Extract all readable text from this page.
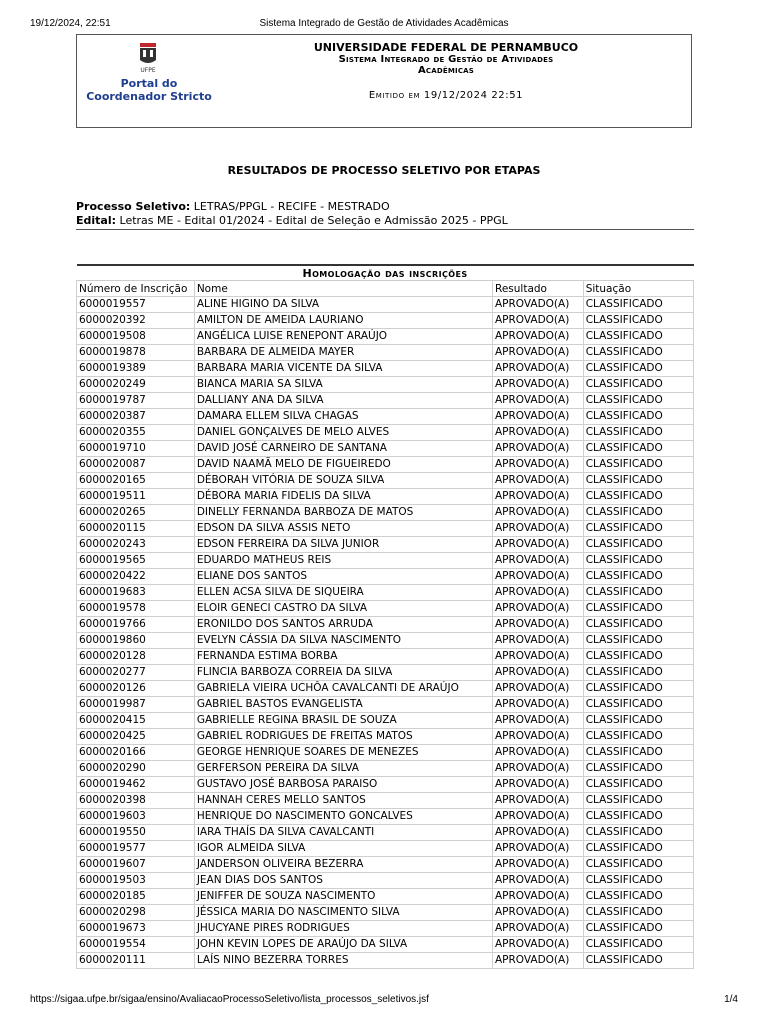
19/12/2024, 22:51	Sistema Integrado de Gestão de Atividades Acadêmicas
UFPE
Portal do
Coordenador Stricto
UNIVERSIDADE FEDERAL DE PERNAMBUCO
Sistema Integrado de Gestão de Atividades
Acadêmicas
Emitido em 19/12/2024 22:51
RESULTADOS DE PROCESSO SELETIVO POR ETAPAS
Processo Seletivo: LETRAS/PPGL - RECIFE - MESTRADO
Edital: Letras ME - Edital 01/2024 - Edital de Seleção e Admissão 2025 - PPGL
Homologação das inscrições			
Número de Inscrição	Nome	Resultado	Situação
6000019557	ALINE HIGINO DA SILVA	APROVADO(A)	CLASSIFICADO
6000020392	AMILTON DE AMEIDA LAURIANO	APROVADO(A)	CLASSIFICADO
6000019508	ANGÉLICA LUISE RENEPONT ARAÚJO	APROVADO(A)	CLASSIFICADO
6000019878	BARBARA DE ALMEIDA MAYER	APROVADO(A)	CLASSIFICADO
6000019389	BARBARA MARIA VICENTE DA SILVA	APROVADO(A)	CLASSIFICADO
6000020249	BIANCA MARIA SA SILVA	APROVADO(A)	CLASSIFICADO
6000019787	DALLIANY ANA DA SILVA	APROVADO(A)	CLASSIFICADO
6000020387	DAMARA ELLEM SILVA CHAGAS	APROVADO(A)	CLASSIFICADO
6000020355	DANIEL GONÇALVES DE MELO ALVES	APROVADO(A)	CLASSIFICADO
6000019710	DAVID JOSÉ CARNEIRO DE SANTANA	APROVADO(A)	CLASSIFICADO
6000020087	DAVID NAAMÃ MELO DE FIGUEIREDO	APROVADO(A)	CLASSIFICADO
6000020165	DÉBORAH VITÓRIA DE SOUZA SILVA	APROVADO(A)	CLASSIFICADO
6000019511	DÉBORA MARIA FIDELIS DA SILVA	APROVADO(A)	CLASSIFICADO
6000020265	DINELLY FERNANDA BARBOZA DE MATOS	APROVADO(A)	CLASSIFICADO
6000020115	EDSON DA SILVA ASSIS NETO	APROVADO(A)	CLASSIFICADO
6000020243	EDSON FERREIRA DA SILVA JUNIOR	APROVADO(A)	CLASSIFICADO
6000019565	EDUARDO MATHEUS REIS	APROVADO(A)	CLASSIFICADO
6000020422	ELIANE DOS SANTOS	APROVADO(A)	CLASSIFICADO
6000019683	ELLEN ACSA SILVA DE SIQUEIRA	APROVADO(A)	CLASSIFICADO
6000019578	ELOIR GENECI CASTRO DA SILVA	APROVADO(A)	CLASSIFICADO
6000019766	ERONILDO DOS SANTOS ARRUDA	APROVADO(A)	CLASSIFICADO
6000019860	EVELYN CÁSSIA DA SILVA NASCIMENTO	APROVADO(A)	CLASSIFICADO
6000020128	FERNANDA ESTIMA BORBA	APROVADO(A)	CLASSIFICADO
6000020277	FLINCIA BARBOZA CORREIA DA SILVA	APROVADO(A)	CLASSIFICADO
6000020126	GABRIELA VIEIRA UCHÔA CAVALCANTI DE ARAÚJO	APROVADO(A)	CLASSIFICADO
6000019987	GABRIEL BASTOS EVANGELISTA	APROVADO(A)	CLASSIFICADO
6000020415	GABRIELLE REGINA BRASIL DE SOUZA	APROVADO(A)	CLASSIFICADO
6000020425	GABRIEL RODRIGUES DE FREITAS MATOS	APROVADO(A)	CLASSIFICADO
6000020166	GEORGE HENRIQUE SOARES DE MENEZES	APROVADO(A)	CLASSIFICADO
6000020290	GERFERSON PEREIRA DA SILVA	APROVADO(A)	CLASSIFICADO
6000019462	GUSTAVO JOSÉ BARBOSA PARAISO	APROVADO(A)	CLASSIFICADO
6000020398	HANNAH CERES MELLO SANTOS	APROVADO(A)	CLASSIFICADO
6000019603	HENRIQUE DO NASCIMENTO GONCALVES	APROVADO(A)	CLASSIFICADO
6000019550	IARA THAÍS DA SILVA CAVALCANTI	APROVADO(A)	CLASSIFICADO
6000019577	IGOR ALMEIDA SILVA	APROVADO(A)	CLASSIFICADO
6000019607	JANDERSON OLIVEIRA BEZERRA	APROVADO(A)	CLASSIFICADO
6000019503	JEAN DIAS DOS SANTOS	APROVADO(A)	CLASSIFICADO
6000020185	JENIFFER DE SOUZA NASCIMENTO	APROVADO(A)	CLASSIFICADO
6000020298	JÉSSICA MARIA DO NASCIMENTO SILVA	APROVADO(A)	CLASSIFICADO
6000019673	JHUCYANE PIRES RODRIGUES	APROVADO(A)	CLASSIFICADO
6000019554	JOHN KEVIN LOPES DE ARAÚJO DA SILVA	APROVADO(A)	CLASSIFICADO
6000020111	LAÍS NINO BEZERRA TORRES	APROVADO(A)	CLASSIFICADO
https://sigaa.ufpe.br/sigaa/ensino/AvaliacaoProcessoSeletivo/lista_processos_seletivos.jsf	1/4
